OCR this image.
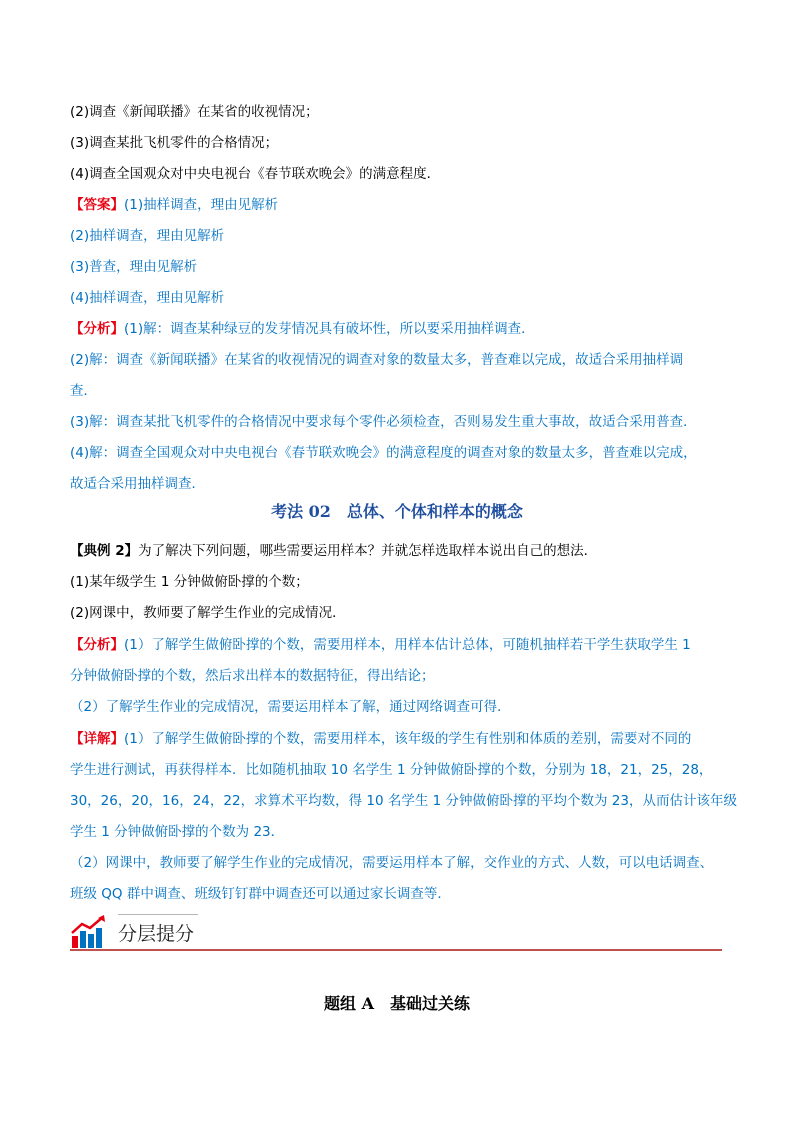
(2)调查《新闻联播》在某省的收视情况；
(3)调查某批飞机零件的合格情况；
(4)调查全国观众对中央电视台《春节联欢晚会》的满意程度．
【答案】(1)抽样调查，理由见解析
(2)抽样调查，理由见解析
(3)普查，理由见解析
(4)抽样调查，理由见解析
【分析】(1)解：调查某种绿豆的发芽情况具有破坏性，所以要采用抽样调查．
(2)解：调查《新闻联播》在某省的收视情况的调查对象的数量太多，普查难以完成，故适合采用抽样调
查．
(3)解：调查某批飞机零件的合格情况中要求每个零件必须检查，否则易发生重大事故，故适合采用普查．
(4)解：调查全国观众对中央电视台《春节联欢晚会》的满意程度的调查对象的数量太多，普查难以完成，
故适合采用抽样调查．
考法 02　总体、个体和样本的概念
【典例 2】为了解决下列问题，哪些需要运用样本？并就怎样选取样本说出自己的想法．
(1)某年级学生 1 分钟做俯卧撑的个数；
(2)网课中，教师要了解学生作业的完成情况．
【分析】(1）了解学生做俯卧撑的个数，需要用样本，用样本估计总体，可随机抽样若干学生获取学生 1
分钟做俯卧撑的个数，然后求出样本的数据特征，得出结论；
（2）了解学生作业的完成情况，需要运用样本了解，通过网络调查可得．
【详解】(1）了解学生做俯卧撑的个数，需要用样本，该年级的学生有性别和体质的差别，需要对不同的
学生进行测试，再获得样本．比如随机抽取 10 名学生 1 分钟做俯卧撑的个数，分别为 18，21，25，28，
30，26，20，16，24，22，求算术平均数，得 10 名学生 1 分钟做俯卧撑的平均个数为 23，从而估计该年级
学生 1 分钟做俯卧撑的个数为 23．
（2）网课中，教师要了解学生作业的完成情况，需要运用样本了解，交作业的方式、人数，可以电话调查、
班级 QQ 群中调查、班级钉钉群中调查还可以通过家长调查等．
分层提分
题组 A　基础过关练
